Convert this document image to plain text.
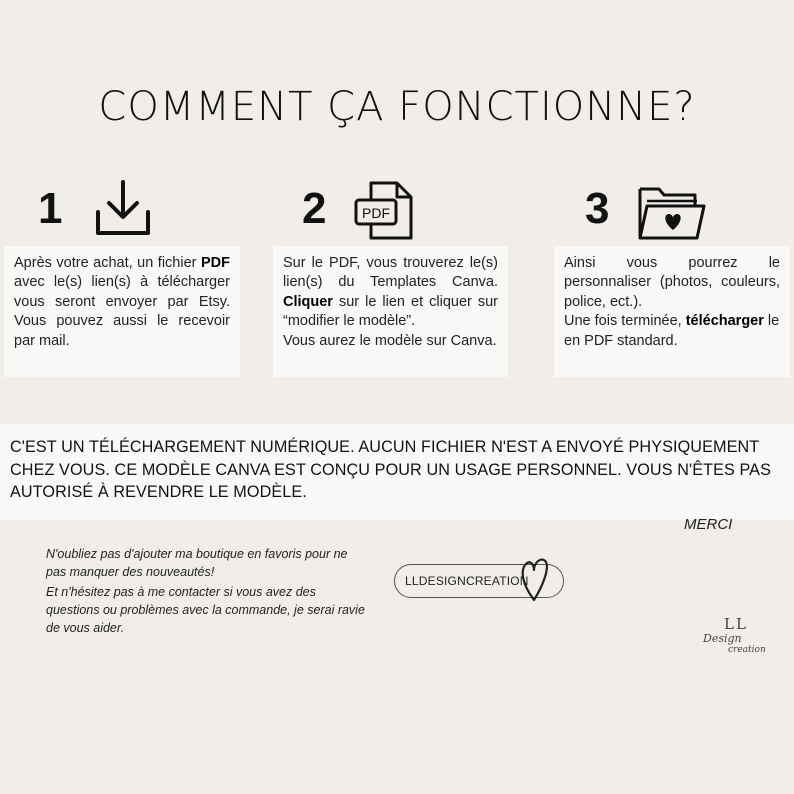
COMMENT ÇA FONCTIONNE?
1

Après votre achat, un fichier PDF avec le(s) lien(s) à télécharger vous seront envoyer par Etsy. Vous pouvez aussi le recevoir par mail.

2	PDF

Sur le PDF, vous trouverez le(s) lien(s) du Templates Canva. Cliquer sur le lien et cliquer sur “modifier le modèle”.

Vous aurez le modèle sur Canva.

3

Ainsi vous pourrez le personnaliser (photos, couleurs, police, ect.).

Une fois terminée, télécharger le en PDF standard.

C'EST UN TÉLÉCHARGEMENT NUMÉRIQUE. AUCUN FICHIER N'EST A ENVOYÉ PHYSIQUEMENT CHEZ VOUS. CE MODÈLE CANVA EST CONÇU POUR UN USAGE PERSONNEL. VOUS N'ÊTES PAS AUTORISÉ À REVENDRE LE MODÈLE.
MERCI

N'oubliez pas d'ajouter ma boutique en favoris pour ne pas manquer des nouveautés!

Et n'hésitez pas à me contacter si vous avez des questions ou problèmes avec la commande, je serai ravie de vous aider.

LLDESIGNCREATION
LL
Design
creation
